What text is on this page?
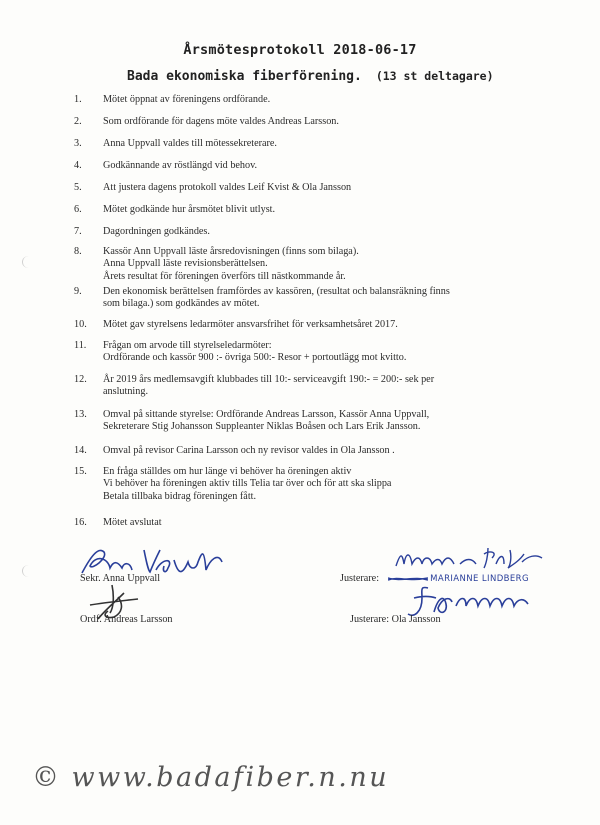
Årsmötesprotokoll 2018-06-17
Bada ekonomiska fiberförening. (13 st deltagare)
1.	Mötet öppnat av föreningens ordförande.
2.	Som ordförande för dagens möte valdes Andreas Larsson.
3.	Anna Uppvall valdes till mötessekreterare.
4.	Godkännande av röstlängd vid behov.
5.	Att justera dagens protokoll valdes Leif Kvist & Ola Jansson
6.	Mötet godkände hur årsmötet blivit utlyst.
7.	Dagordningen godkändes.
8.	Kassör Ann Uppvall läste årsredovisningen (finns som bilaga).
Anna Uppvall läste revisionsberättelsen.
Årets resultat för föreningen överförs till nästkommande år.
9.	Den ekonomisk berättelsen framfördes av kassören, (resultat och balansräkning finns
som bilaga.) som godkändes av mötet.
10.	Mötet gav styrelsens ledarmöter ansvarsfrihet för verksamhetsåret 2017.
11.	Frågan om arvode till styrelseledarmöter:
Ordförande och kassör 900 :- övriga 500:- Resor + portoutlägg mot kvitto.
12.	År 2019 års medlemsavgift klubbades till 10:- serviceavgift 190:- = 200:- sek per
anslutning.
13.	Omval på sittande styrelse: Ordförande Andreas Larsson, Kassör Anna Uppvall,
Sekreterare Stig Johansson Suppleanter Niklas Boåsen och Lars Erik Jansson.
14.	Omval på revisor Carina Larsson och ny revisor valdes in Ola Jansson .
15.	En fråga ställdes om hur länge vi behöver ha öreningen aktiv
Vi behöver ha föreningen aktiv tills Telia tar över och för att ska slippa
Betala tillbaka bidrag föreningen fått.
16.	Mötet avslutat
Sekr. Anna Uppvall
Ordf. Andreas Larsson
Justerare:	MARIANNE LINDBERG
Justerare: Ola Jansson
© www.badafiber.n.nu
